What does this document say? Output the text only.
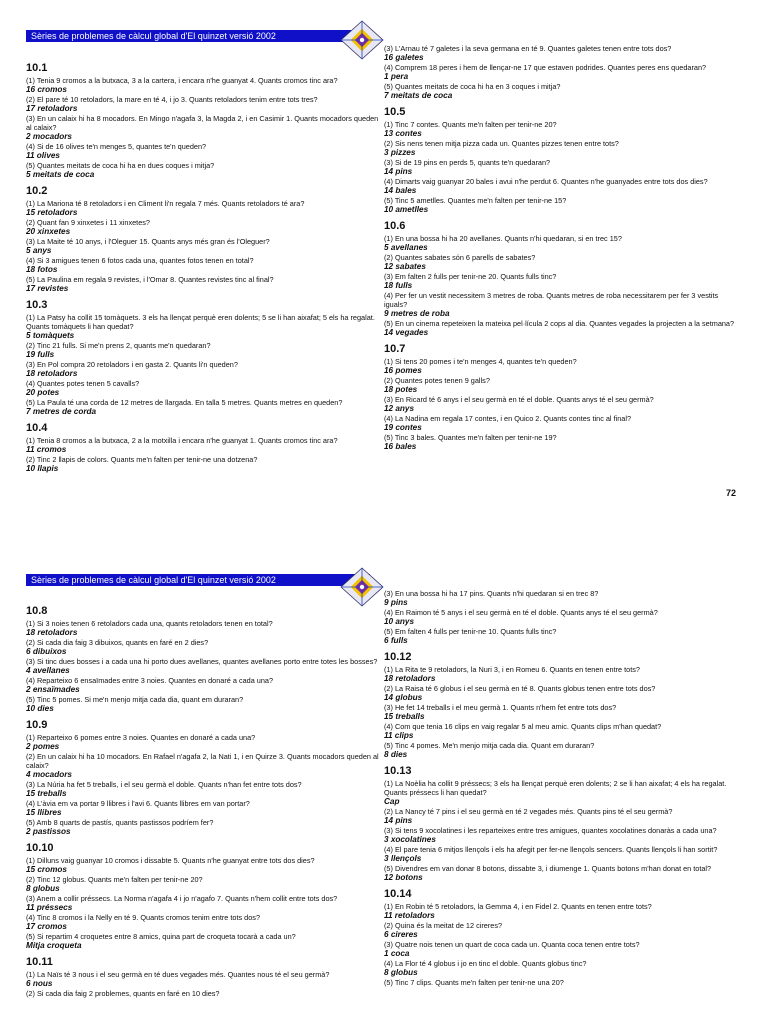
Sèries de problemes de càlcul global d'El quinzet versió 2002
10.1

(1) Tenia 9 cromos a la butxaca, 3 a la cartera, i encara n'he guanyat 4. Quants cromos tinc ara?

16 cromos

(2) El pare té 10 retoladors, la mare en té 4, i jo 3. Quants retoladors tenim entre tots tres?

17 retoladors

(3) En un calaix hi ha 8 mocadors. En Mingo n'agafa 3, la Magda 2, i en Casimir 1. Quants mocadors queden al calaix?

2 mocadors

(4) Si de 16 olives te'n menges 5, quantes te'n queden?

11 olives

(5) Quantes meitats de coca hi ha en dues coques i mitja?

5 meitats de coca

10.2

(1) La Mariona té 8 retoladors i en Climent li'n regala 7 més. Quants retoladors té ara?

15 retoladors

(2) Quant fan 9 xinxetes i 11 xinxetes?

20 xinxetes

(3) La Maite té 10 anys, i l'Oleguer 15. Quants anys més gran és l'Oleguer?

5 anys

(4) Si 3 amigues tenen 6 fotos cada una, quantes fotos tenen en total?

18 fotos

(5) La Paulina em regala 9 revistes, i l'Omar 8. Quantes revistes tinc al final?

17 revistes

10.3

(1) La Patsy ha collit 15 tomàquets. 3 els ha llençat perquè eren dolents; 5 se li han aixafat; 5 els ha regalat. Quants tomàquets li han quedat?

5 tomàquets

(2) Tinc 21 fulls. Si me'n prens 2, quants me'n quedaran?

19 fulls

(3) En Pol compra 20 retoladors i en gasta 2. Quants li'n queden?

18 retoladors

(4) Quantes potes tenen 5 cavalls?

20 potes

(5) La Paula té una corda de 12 metres de llargada. En talla 5 metres. Quants metres en queden?

7 metres de corda

10.4

(1) Tenia 8 cromos a la butxaca, 2 a la motxilla i encara n'he guanyat 1. Quants cromos tinc ara?

11 cromos

(2) Tinc 2 llapis de colors. Quants me'n falten per tenir-ne una dotzena?

10 llapis

(3) L'Arnau té 7 galetes i la seva germana en té 9. Quantes galetes tenen entre tots dos?

16 galetes

(4) Comprem 18 peres i hem de llençar-ne 17 que estaven podrides. Quantes peres ens quedaran?

1 pera

(5) Quantes meitats de coca hi ha en 3 coques i mitja?

7 meitats de coca

10.5

(1) Tinc 7 contes. Quants me'n falten per tenir-ne 20?

13 contes

(2) Sis nens tenen mitja pizza cada un. Quantes pizzes tenen entre tots?

3 pizzes

(3) Si de 19 pins en perds 5, quants te'n quedaran?

14 pins

(4) Dimarts vaig guanyar 20 bales i avui n'he perdut 6. Quantes n'he guanyades entre tots dos dies?

14 bales

(5) Tinc 5 ametlles. Quantes me'n falten per tenir-ne 15?

10 ametlles

10.6

(1) En una bossa hi ha 20 avellanes. Quants n'hi quedaran, si en trec 15?

5 avellanes

(2) Quantes sabates són 6 parells de sabates?

12 sabates

(3) Em falten 2 fulls per tenir-ne 20. Quants fulls tinc?

18 fulls

(4) Per fer un vestit necessitem 3 metres de roba. Quants metres de roba necessitarem per fer 3 vestits iguals?

9 metres de roba

(5) En un cinema repeteixen la mateixa pel·lícula 2 cops al dia. Quantes vegades la projecten a la setmana?

14 vegades

10.7

(1) Si tens 20 pomes i te'n menges 4, quantes te'n queden?

16 pomes

(2) Quantes potes tenen 9 galls?

18 potes

(3) En Ricard té 6 anys i el seu germà en té el doble. Quants anys té el seu germà?

12 anys

(4) La Nadina em regala 17 contes, i en Quico 2. Quants contes tinc al final?

19 contes

(5) Tinc 3 bales. Quantes me'n falten per tenir-ne 19?

16 bales

72
Sèries de problemes de càlcul global d'El quinzet versió 2002
10.8

(1) Si 3 noies tenen 6 retoladors cada una, quants retoladors tenen en total?

18 retoladors

(2) Si cada dia faig 3 dibuixos, quants en faré en 2 dies?

6 dibuixos

(3) Si tinc dues bosses i a cada una hi porto dues avellanes, quantes avellanes porto entre totes les bosses?

4 avellanes

(4) Reparteixo 6 ensaïmades entre 3 noies. Quantes en donaré a cada una?

2 ensaïmades

(5) Tinc 5 pomes. Si me'n menjo mitja cada dia, quant em duraran?

10 dies

10.9

(1) Reparteixo 6 pomes entre 3 noies. Quantes en donaré a cada una?

2 pomes

(2) En un calaix hi ha 10 mocadors. En Rafael n'agafa 2, la Nati 1, i en Quirze 3. Quants mocadors queden al calaix?

4 mocadors

(3) La Núria ha fet 5 treballs, i el seu germà el doble. Quants n'han fet entre tots dos?

15 treballs

(4) L'àvia em va portar 9 llibres i l'avi 6. Quants llibres em van portar?

15 llibres

(5) Amb 8 quarts de pastís, quants pastissos podríem fer?

2 pastissos

10.10

(1) Dilluns vaig guanyar 10 cromos i dissabte 5. Quants n'he guanyat entre tots dos dies?

15 cromos

(2) Tinc 12 globus. Quants me'n falten per tenir-ne 20?

8 globus

(3) Anem a collir préssecs. La Norma n'agafa 4 i jo n'agafo 7. Quants n'hem collit entre tots dos?

11 préssecs

(4) Tinc 8 cromos i la Nelly en té 9. Quants cromos tenim entre tots dos?

17 cromos

(5) Si repartim 4 croquetes entre 8 amics, quina part de croqueta tocarà a cada un?

Mitja croqueta

10.11

(1) La Naïs té 3 nous i el seu germà en té dues vegades més. Quantes nous té el seu germà?

6 nous

(2) Si cada dia faig 2 problemes, quants en faré en 10 dies?

(3) En una bossa hi ha 17 pins. Quants n'hi quedaran si en trec 8?

9 pins

(4) En Raimon té 5 anys i el seu germà en té el doble. Quants anys té el seu germà?

10 anys

(5) Em falten 4 fulls per tenir-ne 10. Quants fulls tinc?

6 fulls

10.12

(1) La Rita te 9 retoladors, la Nuri 3, i en Romeu 6. Quants en tenen entre tots?

18 retoladors

(2) La Raisa té 6 globus i el seu germà en té 8. Quants globus tenen entre tots dos?

14 globus

(3) He fet 14 treballs i el meu germà 1. Quants n'hem fet entre tots dos?

15 treballs

(4) Com que tenia 16 clips en vaig regalar 5 al meu amic. Quants clips m'han quedat?

11 clips

(5) Tinc 4 pomes. Me'n menjo mitja cada dia. Quant em duraran?

8 dies

10.13

(1) La Noèlia ha collit 9 préssecs; 3 els ha llençat perquè eren dolents; 2 se li han aixafat; 4 els ha regalat. Quants préssecs li han quedat?

Cap

(2) La Nancy té 7 pins i el seu germà en té 2 vegades més. Quants pins té el seu germà?

14 pins

(3) Si tens 9 xocolatines i les reparteixes entre tres amigues, quantes xocolatines donaràs a cada una?

3 xocolatines

(4) El pare tenia 6 mitjos llençols i els ha afegit per fer-ne llençols sencers. Quants llençols li han sortit?

3 llençols

(5) Divendres em van donar 8 botons, dissabte 3, i diumenge 1. Quants botons m'han donat en total?

12 botons

10.14

(1) En Robin té 5 retoladors, la Gemma 4, i en Fidel 2. Quants en tenen entre tots?

11 retoladors

(2) Quina és la meitat de 12 cireres?

6 cireres

(3) Quatre nois tenen un quart de coca cada un. Quanta coca tenen entre tots?

1 coca

(4) La Flor té 4 globus i jo en tinc el doble. Quants globus tinc?

8 globus

(5) Tinc 7 clips. Quants me'n falten per tenir-ne una 20?
